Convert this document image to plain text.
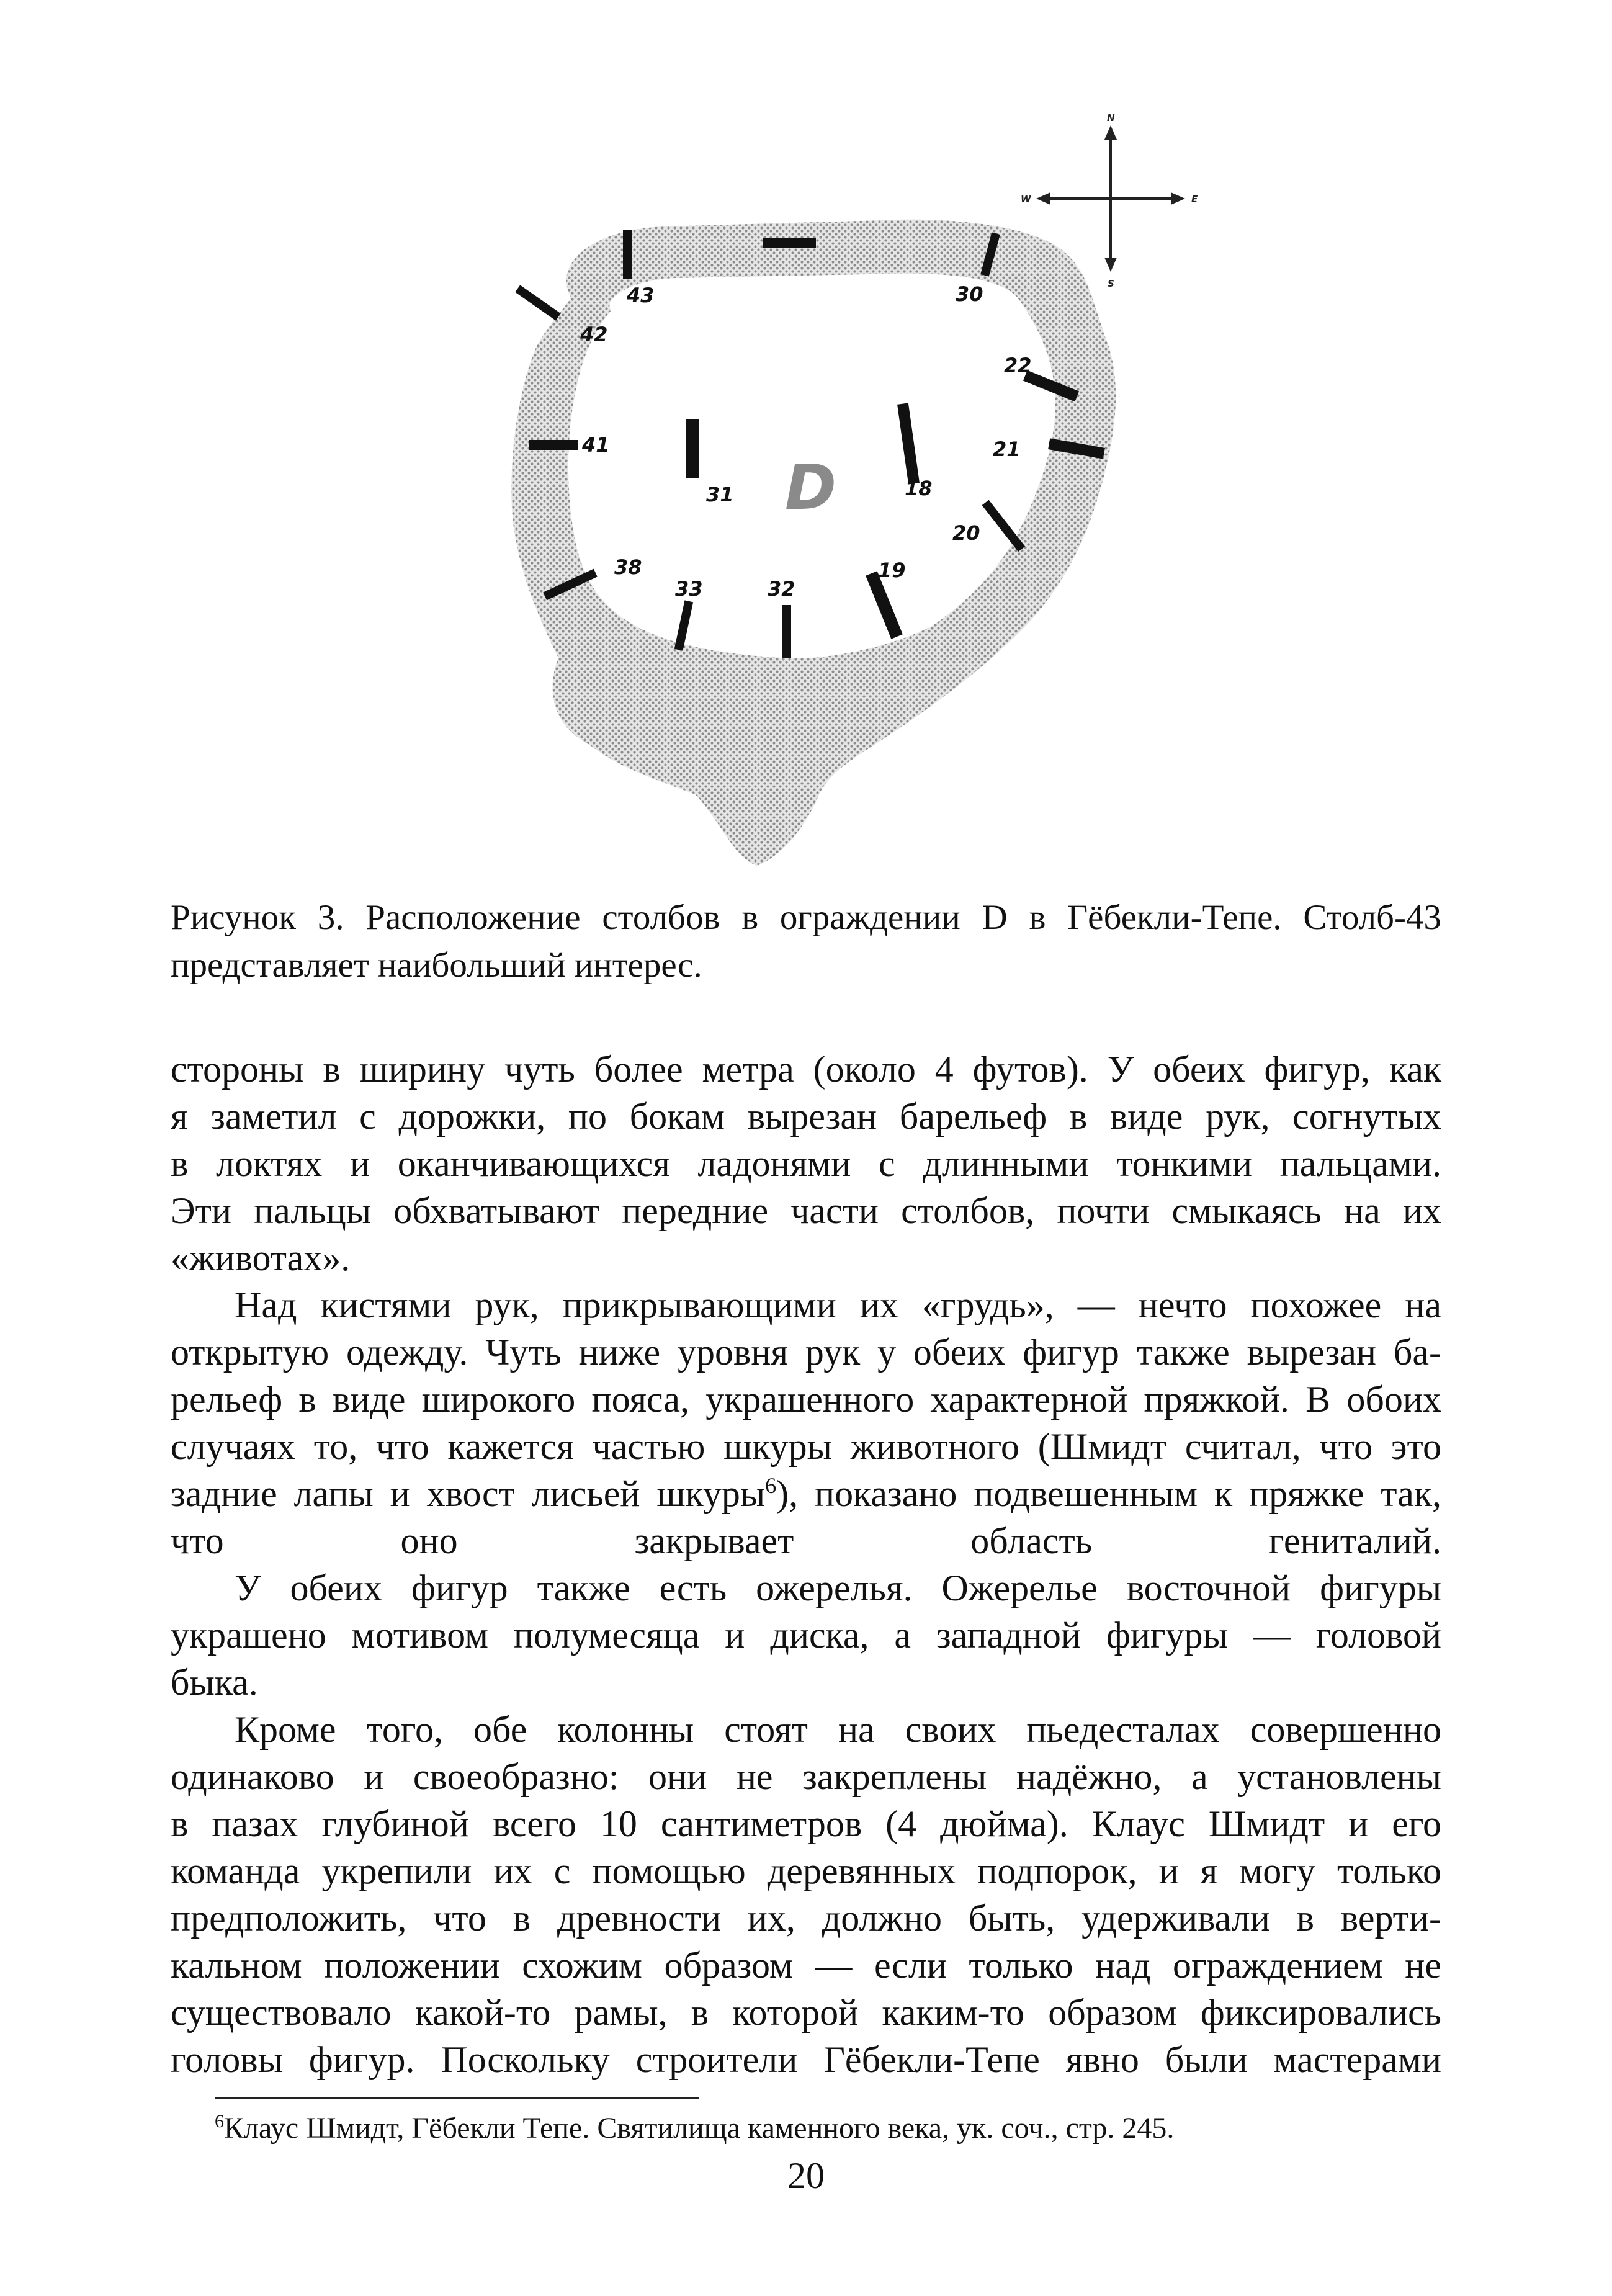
D
43
42
41
31
38
33	32
19
20
21
22
30
18
N
S
W	E
Рисунок 3. Расположение столбов в ограждении D в Гёбекли-Тепе. Столб-43
представляет наибольший интерес.
стороны в ширину чуть более метра (около 4 футов). У обеих фигур, как
я заметил с дорожки, по бокам вырезан барельеф в виде рук, согнутых
в локтях и оканчивающихся ладонями с длинными тонкими пальцами.
Эти пальцы обхватывают передние части столбов, почти смыкаясь на их
«животах».
Над кистями рук, прикрывающими их «грудь», — нечто похожее на
открытую одежду. Чуть ниже уровня рук у обеих фигур также вырезан ба-
рельеф в виде широкого пояса, украшенного характерной пряжкой. В обоих
случаях то, что кажется частью шкуры животного (Шмидт считал, что это
задние лапы и хвост лисьей шкуры$^6$), показано подвешенным к пряжке так,
что оно закрывает область гениталий.
У обеих фигур также есть ожерелья. Ожерелье восточной фигуры
украшено мотивом полумесяца и диска, а западной фигуры — головой
быка.
Кроме того, обе колонны стоят на своих пьедесталах совершенно
одинаково и своеобразно: они не закреплены надёжно, а установлены
в пазах глубиной всего 10 сантиметров (4 дюйма). Клаус Шмидт и его
команда укрепили их с помощью деревянных подпорок, и я могу только
предположить, что в древности их, должно быть, удерживали в верти-
кальном положении схожим образом — если только над ограждением не
существовало какой-то рамы, в которой каким-то образом фиксировались
головы фигур. Поскольку строители Гёбекли-Тепе явно были мастерами
$^6$Клаус Шмидт, Гёбекли Тепе. Святилища каменного века, ук. соч., стр. 245.
20
